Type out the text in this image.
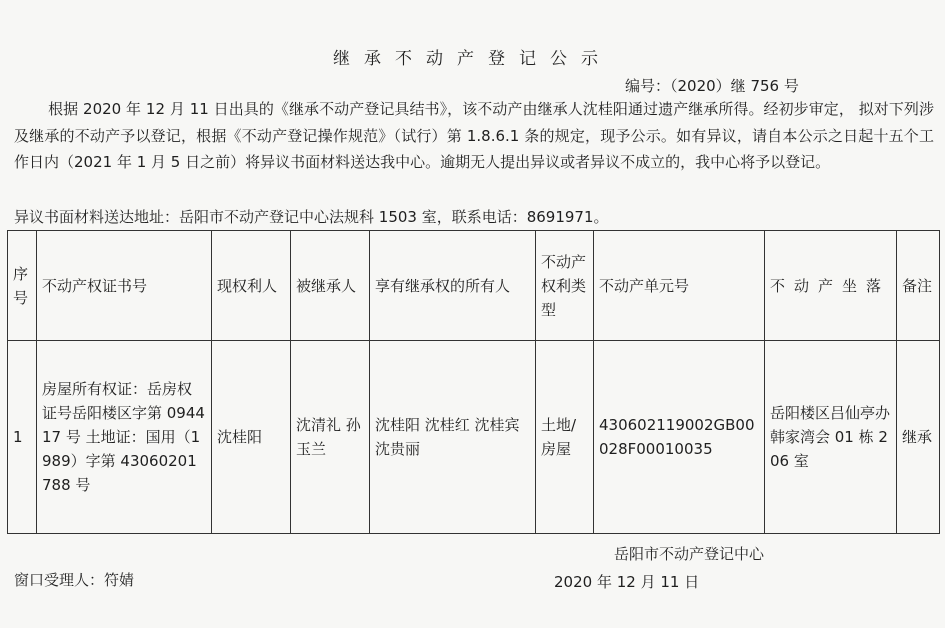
继承不动产登记公示
编号：（2020）继 756 号
根据 2020 年 12 月 11 日出具的《继承不动产登记具结书》，该不动产由继承人沈桂阳通过遗产继承所得。经初步审定， 拟对下列涉及继承的不动产予以登记，根据《不动产登记操作规范》（试行）第 1.8.6.1 条的规定，现予公示。如有异议，请自本公示之日起十五个工作日内（2021 年 1 月 5 日之前）将异议书面材料送达我中心。逾期无人提出异议或者异议不成立的，我中心将予以登记。
异议书面材料送达地址：岳阳市不动产登记中心法规科 1503 室，联系电话：8691971。
序号	不动产权证书号	现权利人	被继承人	享有继承权的所有人	不动产权利类型	不动产单元号	不动产坐落	备注
1	房屋所有权证：岳房权证号岳阳楼区字第 094417 号 土地证：国用（1989）字第 43060201788 号	沈桂阳	沈清礼 孙玉兰	沈桂阳 沈桂红 沈桂宾 沈贵丽	土地/房屋	430602119002GB00028F00010035	岳阳楼区吕仙亭办韩家湾会 01 栋 206 室	继承
岳阳市不动产登记中心
窗口受理人：符婧	2020 年 12 月 11 日
